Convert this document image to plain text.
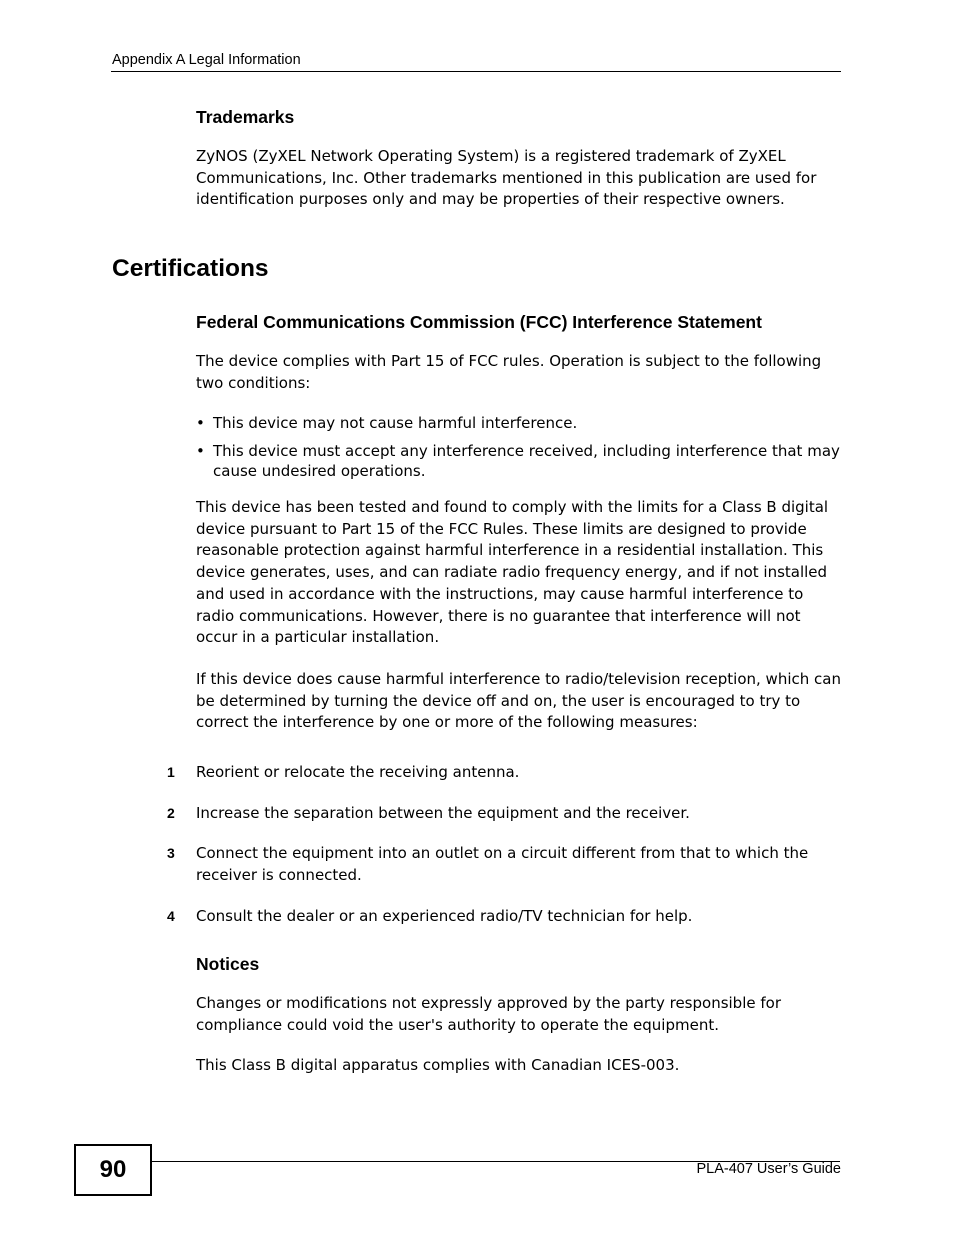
Appendix A Legal Information
Trademarks

ZyNOS (ZyXEL Network Operating System) is a registered trademark of ZyXEL Communications, Inc. Other trademarks mentioned in this publication are used for identification purposes only and may be properties of their respective owners.

Certifications
Federal Communications Commission (FCC) Interference Statement

The device complies with Part 15 of FCC rules. Operation is subject to the following two conditions:

• This device may not cause harmful interference.

• This device must accept any interference received, including interference that may cause undesired operations.

This device has been tested and found to comply with the limits for a Class B digital device pursuant to Part 15 of the FCC Rules. These limits are designed to provide reasonable protection against harmful interference in a residential installation. This device generates, uses, and can radiate radio frequency energy, and if not installed and used in accordance with the instructions, may cause harmful interference to radio communications. However, there is no guarantee that interference will not occur in a particular installation.

If this device does cause harmful interference to radio/television reception, which can be determined by turning the device off and on, the user is encouraged to try to correct the interference by one or more of the following measures:

1 Reorient or relocate the receiving antenna.

2 Increase the separation between the equipment and the receiver.

3 Connect the equipment into an outlet on a circuit different from that to which the receiver is connected.

4 Consult the dealer or an experienced radio/TV technician for help.

Notices

Changes or modifications not expressly approved by the party responsible for compliance could void the user's authority to operate the equipment.

This Class B digital apparatus complies with Canadian ICES-003.

90	PLA-407 User’s Guide
